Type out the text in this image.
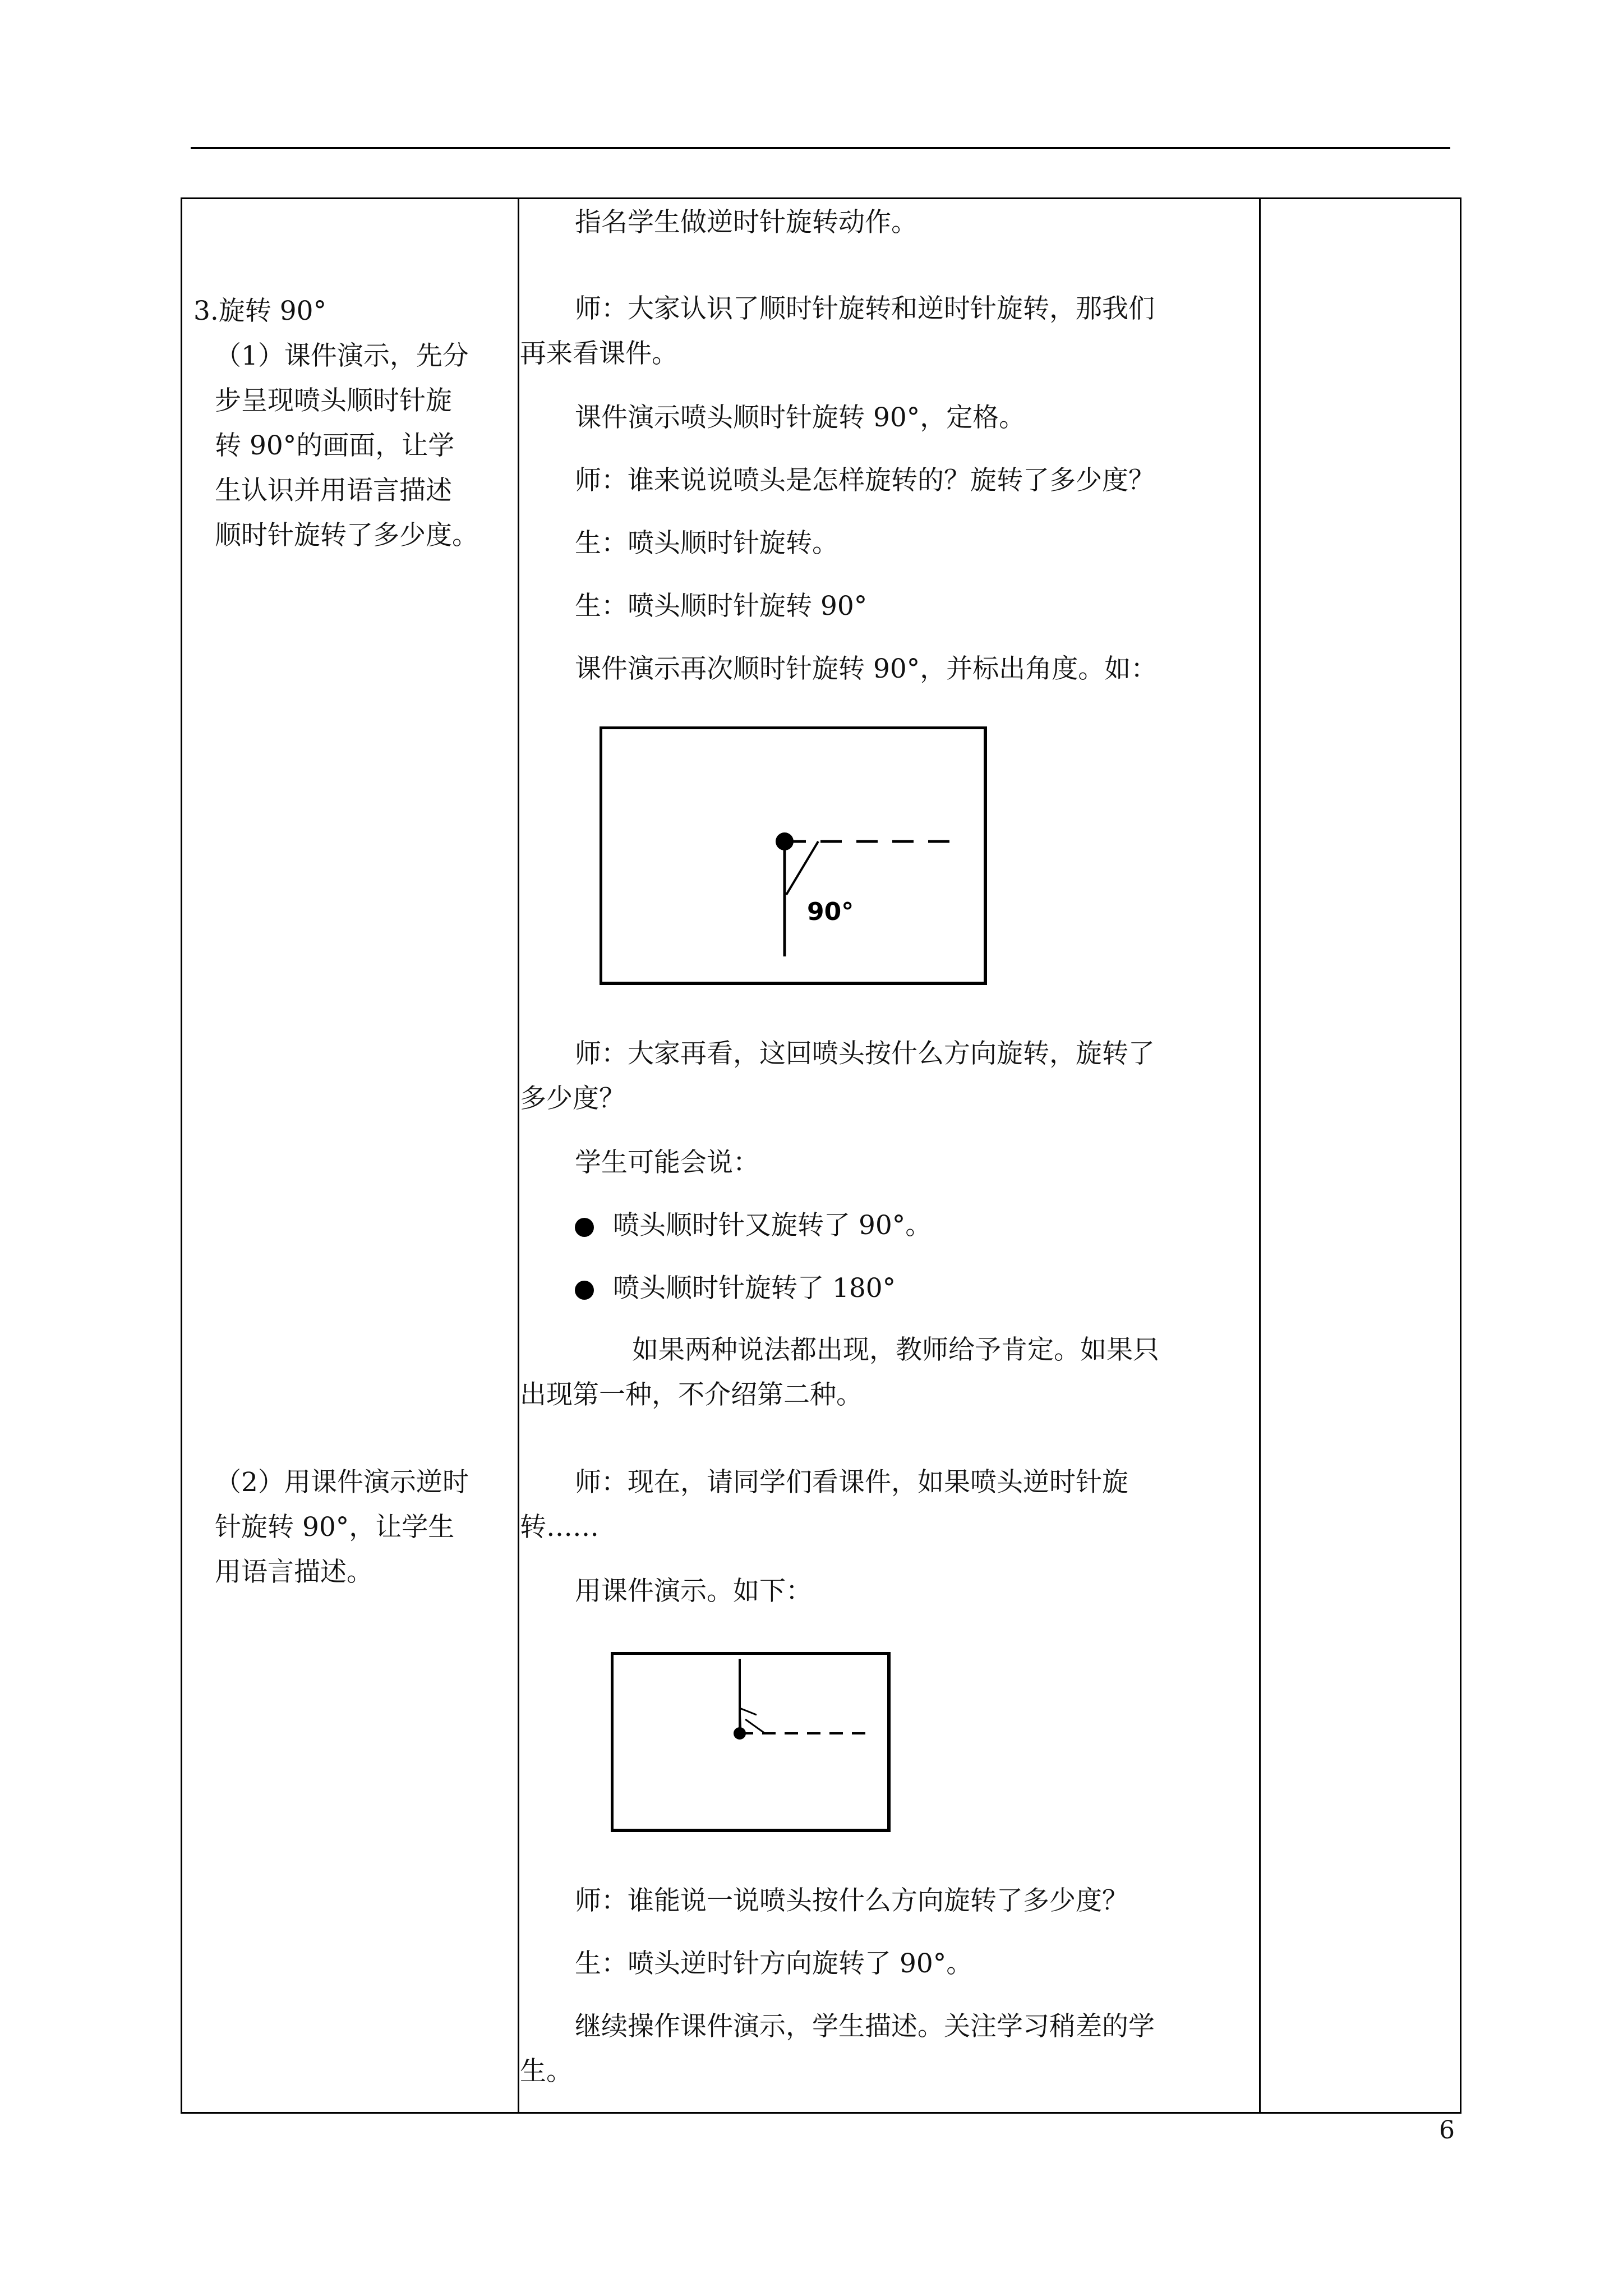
3.旋转 90°
（1）课件演示，先分
步呈现喷头顺时针旋
转 90°的画面，让学
生认识并用语言描述
顺时针旋转了多少度。
（2）用课件演示逆时
针旋转 90°，让学生
用语言描述。
指名学生做逆时针旋转动作。
师：大家认识了顺时针旋转和逆时针旋转，那我们
再来看课件。
课件演示喷头顺时针旋转 90°，定格。
师：谁来说说喷头是怎样旋转的？旋转了多少度？
生：喷头顺时针旋转。
生：喷头顺时针旋转 90°
课件演示再次顺时针旋转 90°，并标出角度。如：
90°
师：大家再看，这回喷头按什么方向旋转，旋转了
多少度？
学生可能会说：
喷头顺时针又旋转了 90°。
喷头顺时针旋转了 180°
如果两种说法都出现，教师给予肯定。如果只
出现第一种，不介绍第二种。
师：现在，请同学们看课件，如果喷头逆时针旋
转……
用课件演示。如下：
师：谁能说一说喷头按什么方向旋转了多少度？
生：喷头逆时针方向旋转了 90°。
继续操作课件演示，学生描述。关注学习稍差的学
生。
6
